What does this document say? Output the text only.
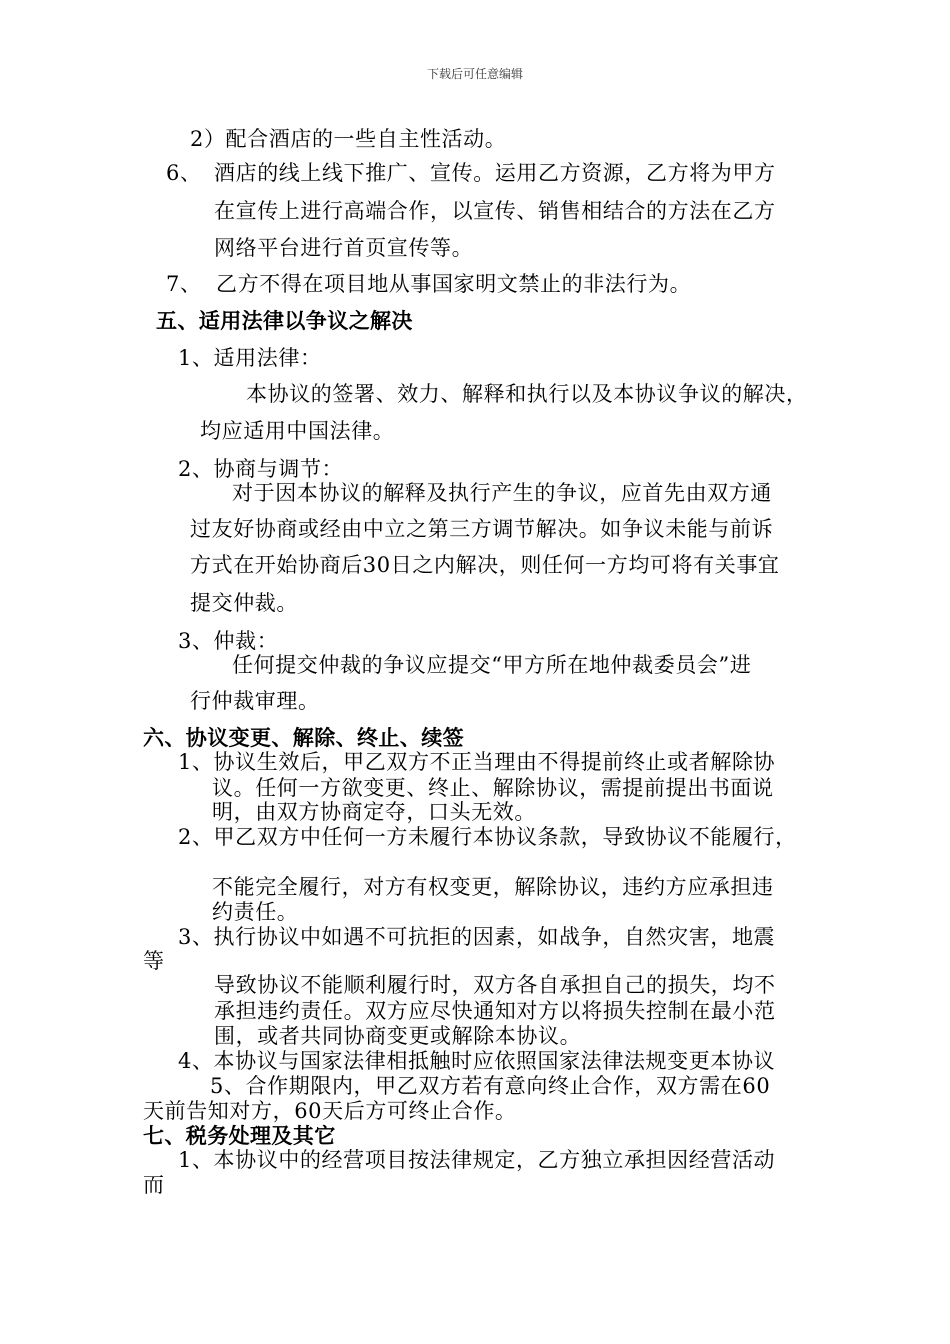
下载后可任意编辑
2）配合酒店的一些自主性活动。
6、 酒店的线上线下推广、宣传。运用乙方资源，乙方将为甲方
在宣传上进行高端合作，以宣传、销售相结合的方法在乙方
网络平台进行首页宣传等。
7、 乙方不得在项目地从事国家明文禁止的非法行为。
五、适用法律以争议之解决
1、适用法律：
本协议的签署、效力、解释和执行以及本协议争议的解决，
均应适用中国法律。
2、协商与调节：
对于因本协议的解释及执行产生的争议，应首先由双方通
过友好协商或经由中立之第三方调节解决。如争议未能与前诉
方式在开始协商后30日之内解决，则任何一方均可将有关事宜
提交仲裁。
3、仲裁：
任何提交仲裁的争议应提交“甲方所在地仲裁委员会”进
行仲裁审理。
六、协议变更、解除、终止、续签
1、协议生效后，甲乙双方不正当理由不得提前终止或者解除协
议。任何一方欲变更、终止、解除协议，需提前提出书面说
明，由双方协商定夺，口头无效。
2、甲乙双方中任何一方未履行本协议条款，导致协议不能履行，
不能完全履行，对方有权变更，解除协议，违约方应承担违
约责任。
3、执行协议中如遇不可抗拒的因素，如战争，自然灾害，地震
等
导致协议不能顺利履行时，双方各自承担自己的损失，均不
承担违约责任。双方应尽快通知对方以将损失控制在最小范
围，或者共同协商变更或解除本协议。
4、本协议与国家法律相抵触时应依照国家法律法规变更本协议
5、合作期限内，甲乙双方若有意向终止合作，双方需在60
天前告知对方，60天后方可终止合作。
七、税务处理及其它
1、本协议中的经营项目按法律规定，乙方独立承担因经营活动
而
